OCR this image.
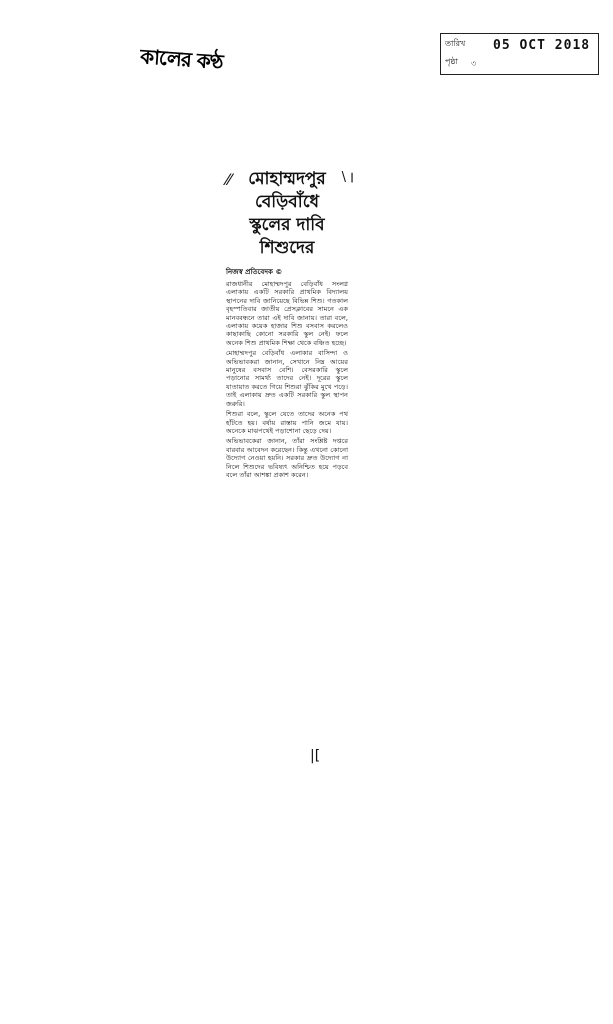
কালের কণ্ঠ
তারিখ 05 OCT 2018
পৃষ্ঠা ৩
⁄⁄	\ ׀
মোহাম্মদপুর
বেড়িবাঁধে
স্কুলের দাবি
শিশুদের
নিজস্ব প্রতিবেদক ©

রাজধানীর মোহাম্মদপুর বেড়িবাঁধ সংলগ্ন এলাকায় একটি সরকারি প্রাথমিক বিদ্যালয় স্থাপনের দাবি জানিয়েছে বিভিন্ন শিশু। গতকাল বৃহস্পতিবার জাতীয় প্রেসক্লাবের সামনে এক মানববন্ধনে তারা এই দাবি জানায়। তারা বলে, এলাকায় কয়েক হাজার শিশু বসবাস করলেও কাছাকাছি কোনো সরকারি স্কুল নেই। ফলে অনেক শিশু প্রাথমিক শিক্ষা থেকে বঞ্চিত হচ্ছে।

মোহাম্মদপুর বেড়িবাঁধ এলাকার বাসিন্দা ও অভিভাবকরা জানান, সেখানে নিম্ন আয়ের মানুষের বসবাস বেশি। বেসরকারি স্কুলে পড়ানোর সামর্থ্য তাদের নেই। দূরের স্কুলে যাতায়াত করতে গিয়ে শিশুরা ঝুঁকির মুখে পড়ে। তাই এলাকায় দ্রুত একটি সরকারি স্কুল স্থাপন জরুরি।

শিশুরা বলে, স্কুলে যেতে তাদের অনেক পথ হাঁটতে হয়। বর্ষায় রাস্তায় পানি জমে যায়। অনেকে মাঝপথেই পড়াশোনা ছেড়ে দেয়।

অভিভাবকেরা জানান, তাঁরা সংশ্লিষ্ট দপ্তরে বারবার আবেদন করেছেন। কিন্তু এখনো কোনো উদ্যোগ নেওয়া হয়নি। সরকার দ্রুত উদ্যোগ না নিলে শিশুদের ভবিষ্যৎ অনিশ্চিত হয়ে পড়বে বলে তাঁরা আশঙ্কা প্রকাশ করেন।

|[
